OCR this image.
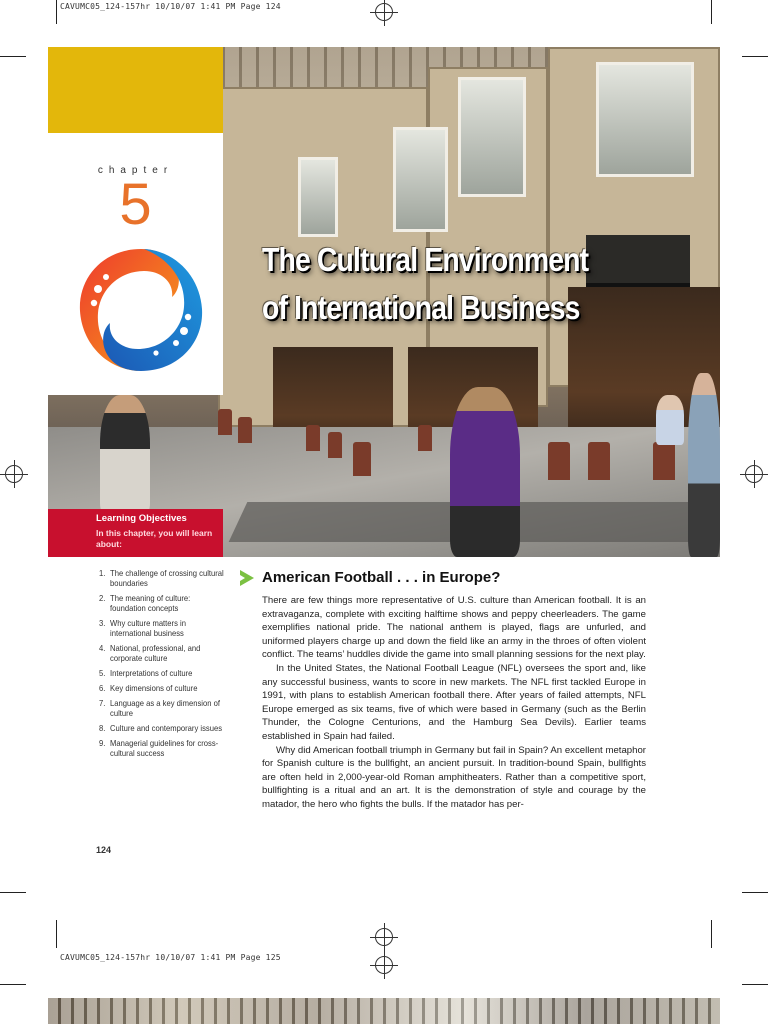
CAVUMC05_124-157hr 10/10/07 1:41 PM Page 124
CAVUMC05_124-157hr 10/10/07 1:41 PM Page 125
The Cultural Environment
of International Business
chapter
5
Learning Objectives
In this chapter, you will learn about:
1. The challenge of crossing cultural boundaries
2. The meaning of culture: foundation concepts
3. Why culture matters in international business
4. National, professional, and corporate culture
5. Interpretations of culture
6. Key dimensions of culture
7. Language as a key dimension of culture
8. Culture and contemporary issues
9. Managerial guidelines for cross-cultural success
American Football . . . in Europe?

There are few things more representative of U.S. culture than American football. It is an extravaganza, complete with exciting halftime shows and peppy cheerleaders. The game exemplifies national pride. The national anthem is played, flags are unfurled, and uniformed players charge up and down the field like an army in the throes of often violent conflict. The teams’ huddles divide the game into small planning sessions for the next play.

In the United States, the National Football League (NFL) oversees the sport and, like any successful business, wants to score in new markets. The NFL first tackled Europe in 1991, with plans to establish American football there. After years of failed attempts, NFL Europe emerged as six teams, five of which were based in Germany (such as the Berlin Thunder, the Cologne Centurions, and the Hamburg Sea Devils). Earlier teams established in Spain had failed.

Why did American football triumph in Germany but fail in Spain? An excellent metaphor for Spanish culture is the bullfight, an ancient pursuit. In tradition-bound Spain, bullfights are often held in 2,000-year-old Roman amphitheaters. Rather than a competitive sport, bullfighting is a ritual and an art. It is the demonstration of style and courage by the matador, the hero who fights the bulls. If the matador has per-

124
